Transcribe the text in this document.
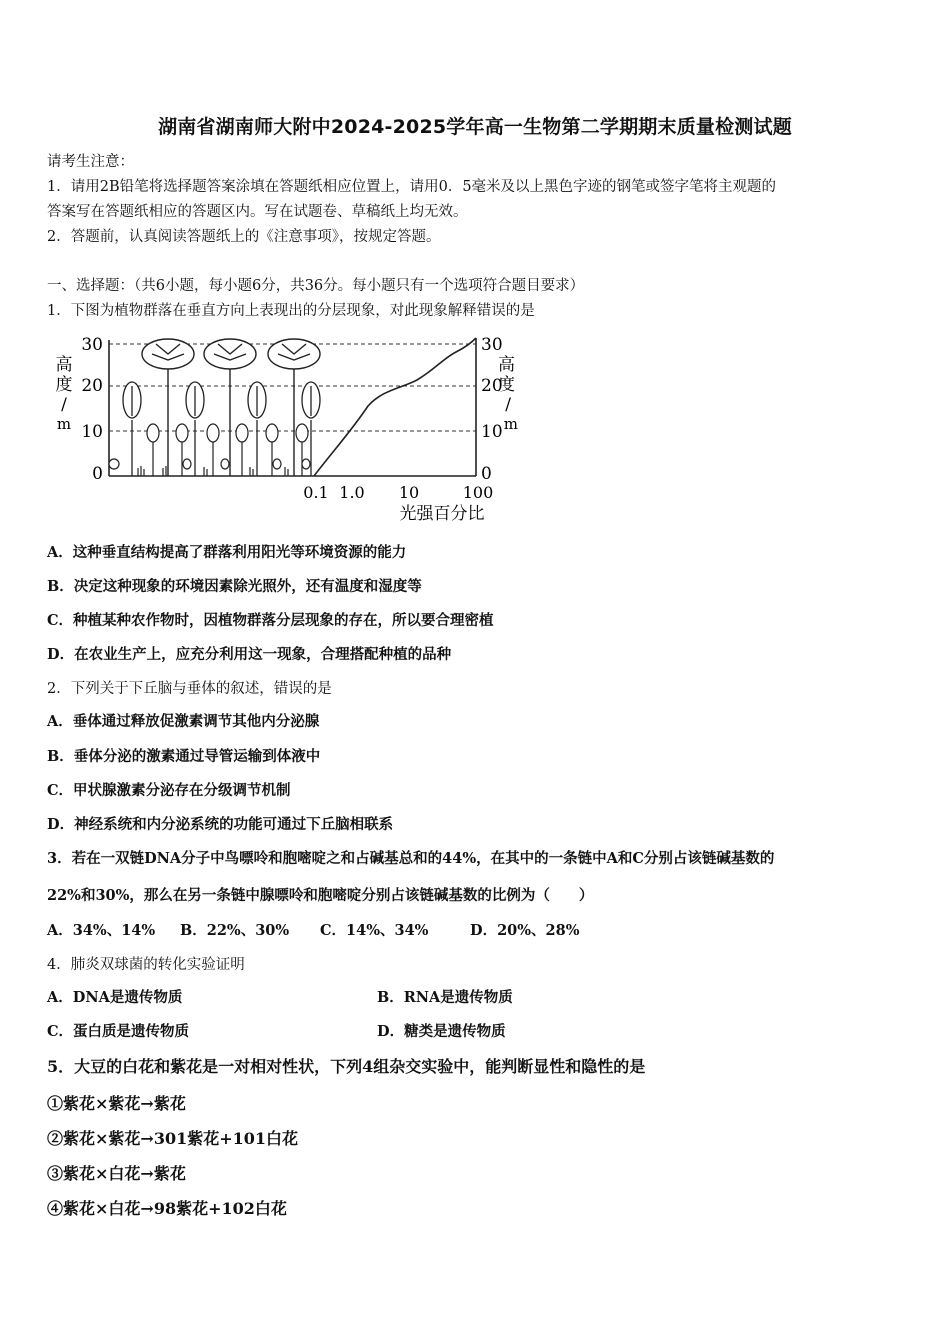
湖南省湖南师大附中2024-2025学年高一生物第二学期期末质量检测试题
请考生注意：
1．请用2B铅笔将选择题答案涂填在答题纸相应位置上，请用0．5毫米及以上黑色字迹的钢笔或签字笔将主观题的
答案写在答题纸相应的答题区内。写在试题卷、草稿纸上均无效。
2．答题前，认真阅读答题纸上的《注意事项》，按规定答题。
一、选择题：（共6小题，每小题6分，共36分。每小题只有一个选项符合题目要求）
1．下图为植物群落在垂直方向上表现出的分层现象，对此现象解释错误的是
高
度
/
m
30
20
10
0
30
20
10
0
高
度
/
m
0.1 1.0 10	100
光强百分比
A．这种垂直结构提高了群落利用阳光等环境资源的能力
B．决定这种现象的环境因素除光照外，还有温度和湿度等
C．种植某种农作物时，因植物群落分层现象的存在，所以要合理密植
D．在农业生产上，应充分利用这一现象，合理搭配种植的品种
2．下列关于下丘脑与垂体的叙述，错误的是
A．垂体通过释放促激素调节其他内分泌腺
B．垂体分泌的激素通过导管运输到体液中
C．甲状腺激素分泌存在分级调节机制
D．神经系统和内分泌系统的功能可通过下丘脑相联系
3．若在一双链DNA分子中鸟嘌呤和胞嘧啶之和占碱基总和的44%，在其中的一条链中A和C分别占该链碱基数的
22%和30%，那么在另一条链中腺嘌呤和胞嘧啶分别占该链碱基数的比例为（　　）
A．34%、14% B．22%、30% C．14%、34%	D．20%、28%
4．肺炎双球菌的转化实验证明
A．DNA是遗传物质	B．RNA是遗传物质
C．蛋白质是遗传物质	D．糖类是遗传物质
5．大豆的白花和紫花是一对相对性状，下列4组杂交实验中，能判断显性和隐性的是
①紫花×紫花→紫花
②紫花×紫花→301紫花+101白花
③紫花×白花→紫花
④紫花×白花→98紫花+102白花
